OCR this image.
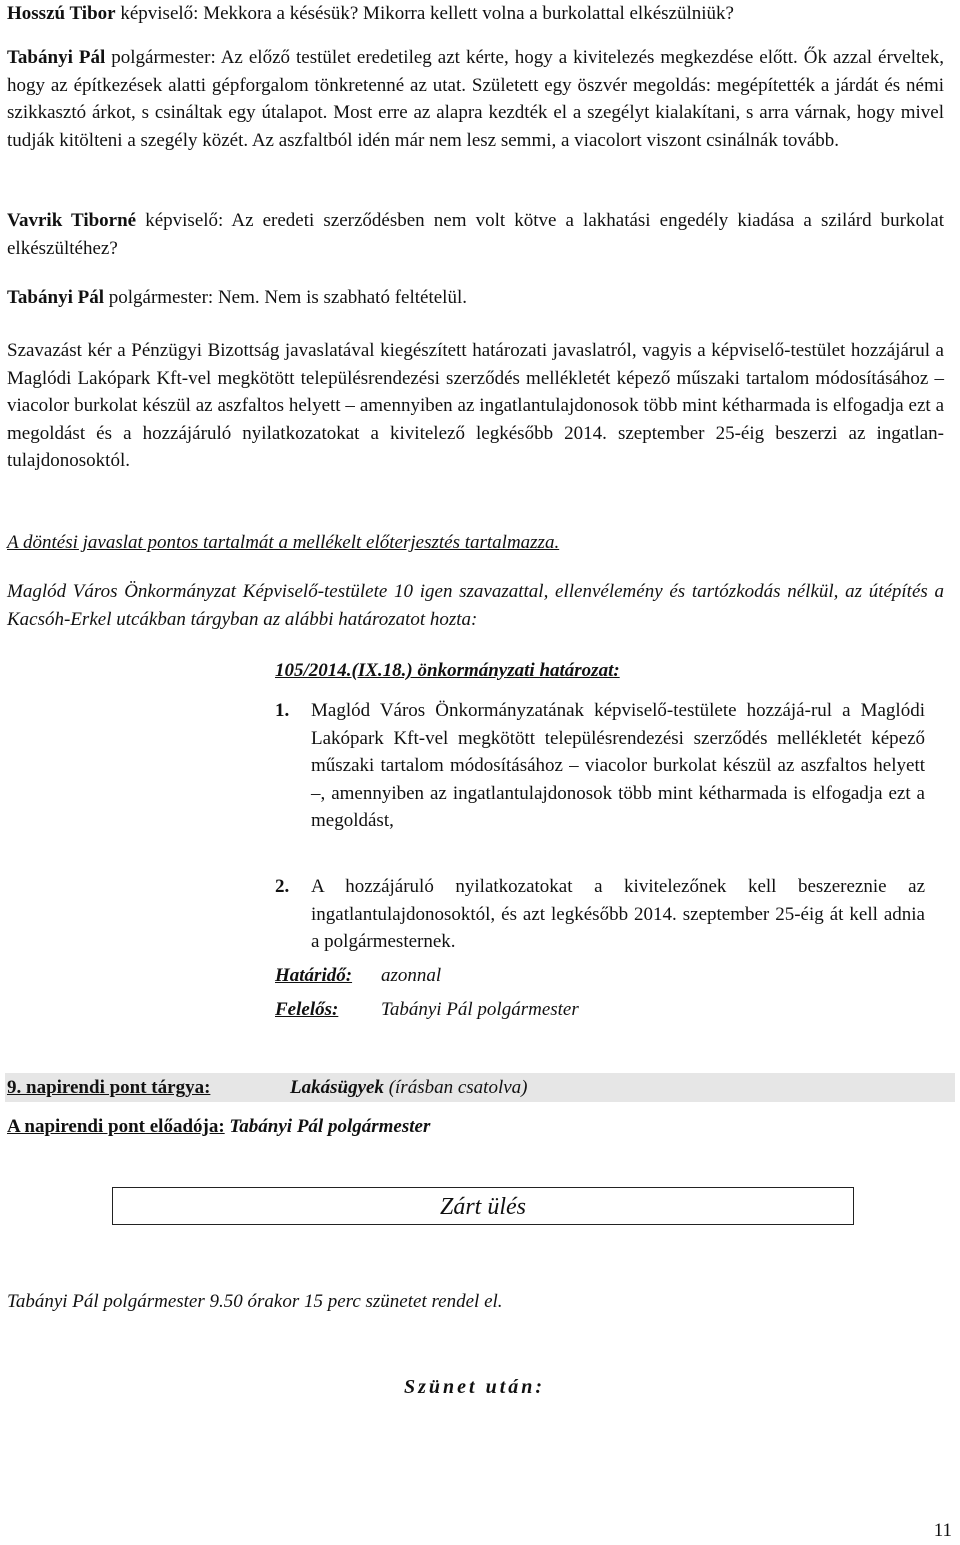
Hosszú Tibor képviselő: Mekkora a késésük? Mikorra kellett volna a burkolattal elkészülniük?

Tabányi Pál polgármester: Az előző testület eredetileg azt kérte, hogy a kivitelezés megkezdése előtt. Ők azzal érveltek, hogy az építkezések alatti gépforgalom tönkretenné az utat. Született egy öszvér megoldás: megépítették a járdát és némi szikkasztó árkot, s csináltak egy útalapot. Most erre az alapra kezdték el a szegélyt kialakítani, s arra várnak, hogy mivel tudják kitölteni a szegély közét. Az aszfaltból idén már nem lesz semmi, a viacolort viszont csinálnák tovább.

Vavrik Tiborné képviselő: Az eredeti szerződésben nem volt kötve a lakhatási engedély kiadása a szilárd burkolat elkészültéhez?

Tabányi Pál polgármester: Nem. Nem is szabható feltételül.

Szavazást kér a Pénzügyi Bizottság javaslatával kiegészített határozati javaslatról, vagyis a képviselő-testület hozzájárul a Maglódi Lakópark Kft-vel megkötött településrendezési szerződés mellékletét képező műszaki tartalom módosításához – viacolor burkolat készül az aszfaltos helyett – amennyiben az ingatlantulajdonosok több mint kétharmada is elfogadja ezt a megoldást és a hozzájáruló nyilatkozatokat a kivitelező legkésőbb 2014. szeptember 25-éig beszerzi az ingatlan-tulajdonosoktól.

A döntési javaslat pontos tartalmát a mellékelt előterjesztés tartalmazza.

Maglód Város Önkormányzat Képviselő-testülete 10 igen szavazattal, ellenvélemény és tartózkodás nélkül, az útépítés a Kacsóh-Erkel utcákban tárgyban az alábbi határozatot hozta:

105/2014.(IX.18.) önkormányzati határozat:
1.	Maglód Város Önkormányzatának képviselő-testülete hozzájá-rul a Maglódi Lakópark Kft-vel megkötött településrendezési szerződés mellékletét képező műszaki tartalom módosításához – viacolor burkolat készül az aszfaltos helyett –, amennyiben az ingatlantulajdonosok több mint kétharmada is elfogadja ezt a megoldást,
2.	A hozzájáruló nyilatkozatokat a kivitelezőnek kell beszereznie az ingatlantulajdonosoktól, és azt legkésőbb 2014. szeptember 25-éig át kell adnia a polgármesternek.
Határidő: azonnal
Felelős: Tabányi Pál polgármester
9. napirendi pont tárgya:	Lakásügyek (írásban csatolva)

A napirendi pont előadója: Tabányi Pál polgármester

Zárt ülés

Tabányi Pál polgármester 9.50 órakor 15 perc szünetet rendel el.

Szünet után:
11
